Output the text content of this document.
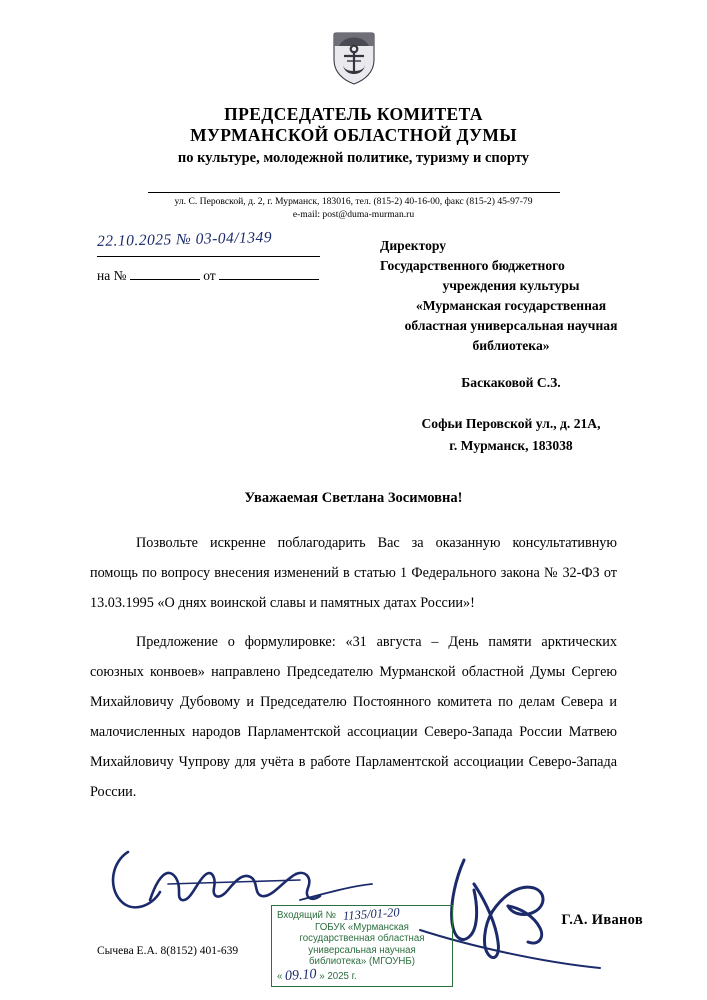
ПРЕДСЕДАТЕЛЬ КОМИТЕТА
МУРМАНСКОЙ ОБЛАСТНОЙ ДУМЫ
по культуре, молодежной политике, туризму и спорту
ул. С. Перовской, д. 2, г. Мурманск, 183016, тел. (815-2) 40-16-00, факс (815-2) 45-97-79
e-mail: post@duma-murman.ru
22.10.2025 № 03-04/1349
на №	от
Директору
Государственного бюджетного
учреждения культуры
«Мурманская государственная
областная универсальная научная
библиотека»
Баскаковой С.З.
Софьи Перовской ул., д. 21А,
г. Мурманск, 183038
Уважаемая Светлана Зосимовна!

Позвольте искренне поблагодарить Вас за оказанную консультативную помощь по вопросу внесения изменений в статью 1 Федерального закона № 32-ФЗ от 13.03.1995 «О днях воинской славы и памятных датах России»!

Предложение о формулировке: «31 августа – День памяти арктических союзных конвоев» направлено Председателю Мурманской областной Думы Сергею Михайловичу Дубовому и Председателю Постоянного комитета по делам Севера и малочисленных народов Парламентской ассоциации Северо-Запада России Матвею Михайловичу Чупрову для учёта в работе Парламентской ассоциации Северо-Запада России.

Входящий № 1135/01-20
ГОБУК «Мурманская
государственная областная
универсальная научная
библиотека» (МГОУНБ)
« 09.10 » 2025 г.
Г.А. Иванов
Сычева Е.А. 8(8152) 401-639
